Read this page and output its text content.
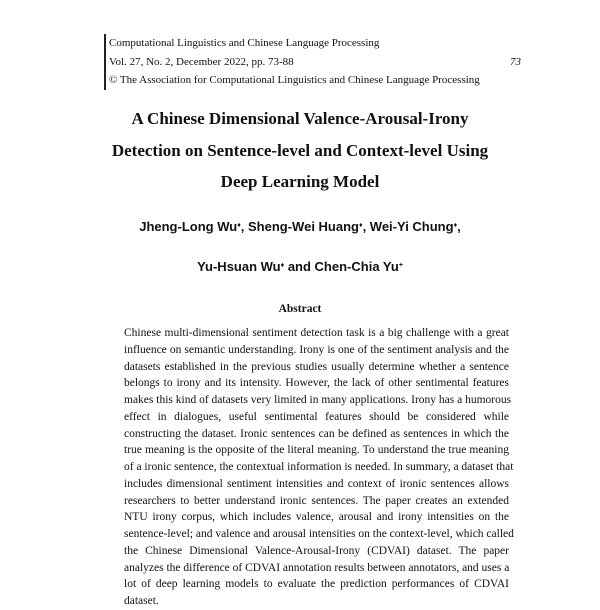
Computational Linguistics and Chinese Language Processing
Vol. 27, No. 2, December 2022, pp. 73-88	73
© The Association for Computational Linguistics and Chinese Language Processing
A Chinese Dimensional Valence-Arousal-Irony
Detection on Sentence-level and Context-level Using
Deep Learning Model
Jheng-Long Wu♦, Sheng-Wei Huang♦, Wei-Yi Chung♦,
Yu-Hsuan Wu♦ and Chen-Chia Yu+
Abstract
Chinese multi-dimensional sentiment detection task is a big challenge with a great
influence on semantic understanding. Irony is one of the sentiment analysis and the
datasets established in the previous studies usually determine whether a sentence
belongs to irony and its intensity. However, the lack of other sentimental features
makes this kind of datasets very limited in many applications. Irony has a humorous
effect in dialogues, useful sentimental features should be considered while
constructing the dataset. Ironic sentences can be defined as sentences in which the
true meaning is the opposite of the literal meaning. To understand the true meaning
of a ironic sentence, the contextual information is needed. In summary, a dataset that
includes dimensional sentiment intensities and context of ironic sentences allows
researchers to better understand ironic sentences. The paper creates an extended
NTU irony corpus, which includes valence, arousal and irony intensities on the
sentence-level; and valence and arousal intensities on the context-level, which called
the Chinese Dimensional Valence-Arousal-Irony (CDVAI) dataset. The paper
analyzes the difference of CDVAI annotation results between annotators, and uses a
lot of deep learning models to evaluate the prediction performances of CDVAI
dataset.
